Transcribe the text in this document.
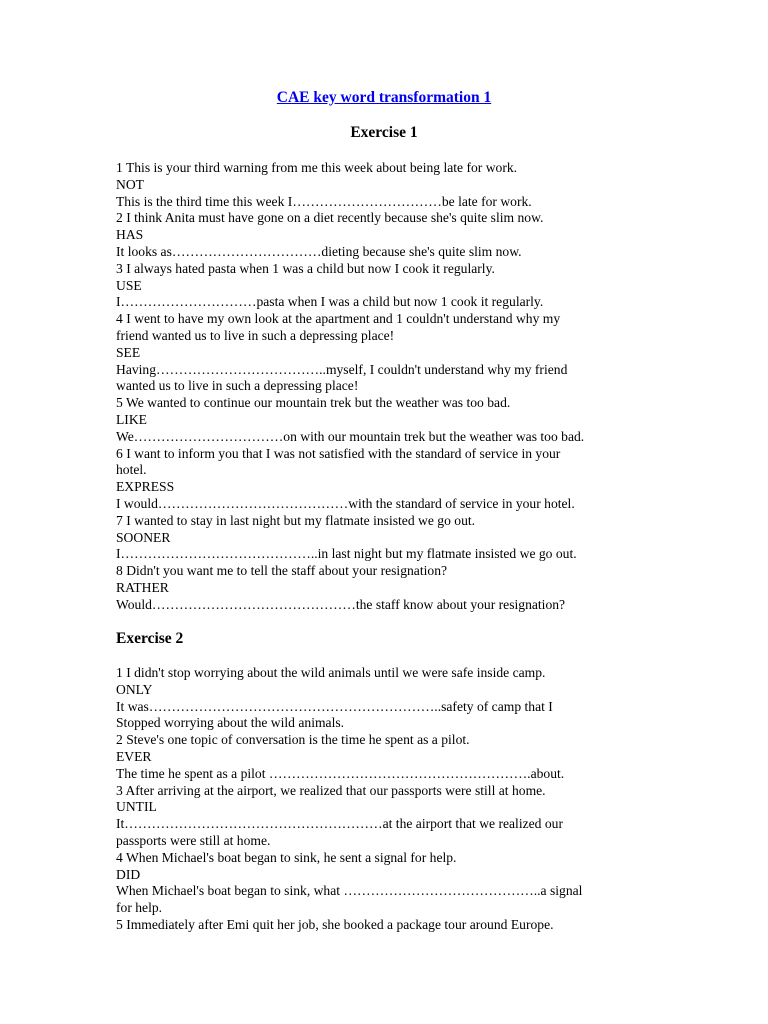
CAE key word transformation 1
Exercise 1
1 This is your third warning from me this week about being late for work.
NOT
This is the third time this week I……………………………be late for work.
2 I think Anita must have gone on a diet recently because she's quite slim now.
HAS
It looks as……………………………dieting because she's quite slim now.
3 I always hated pasta when 1 was a child but now I cook it regularly.
USE
I…………………………pasta when I was a child but now 1 cook it regularly.
4 I went to have my own look at the apartment and 1 couldn't understand why my
friend wanted us to live in such a depressing place!
SEE
Having………………………………..myself, I couldn't understand why my friend
wanted us to live in such a depressing place!
5 We wanted to continue our mountain trek but the weather was too bad.
LIKE
We……………………………on with our mountain trek but the weather was too bad.
6 I want to inform you that I was not satisfied with the standard of service in your
hotel.
EXPRESS
I would……………………………………with the standard of service in your hotel.
7 I wanted to stay in last night but my flatmate insisted we go out.
SOONER
I……………………………………..in last night but my flatmate insisted we go out.
8 Didn't you want me to tell the staff about your resignation?
RATHER
Would………………………………………the staff know about your resignation?
Exercise 2
1 I didn't stop worrying about the wild animals until we were safe inside camp.
ONLY
It was………………………………………………………..safety of camp that I
Stopped worrying about the wild animals.
2 Steve's one topic of conversation is the time he spent as a pilot.
EVER
The time he spent as a pilot ………………………………………………….about.
3 After arriving at the airport, we realized that our passports were still at home.
UNTIL
It…………………………………………………at the airport that we realized our
passports were still at home.
4 When Michael's boat began to sink, he sent a signal for help.
DID
When Michael's boat began to sink, what ……………………………………..a signal
for help.
5 Immediately after Emi quit her job, she booked a package tour around Europe.
